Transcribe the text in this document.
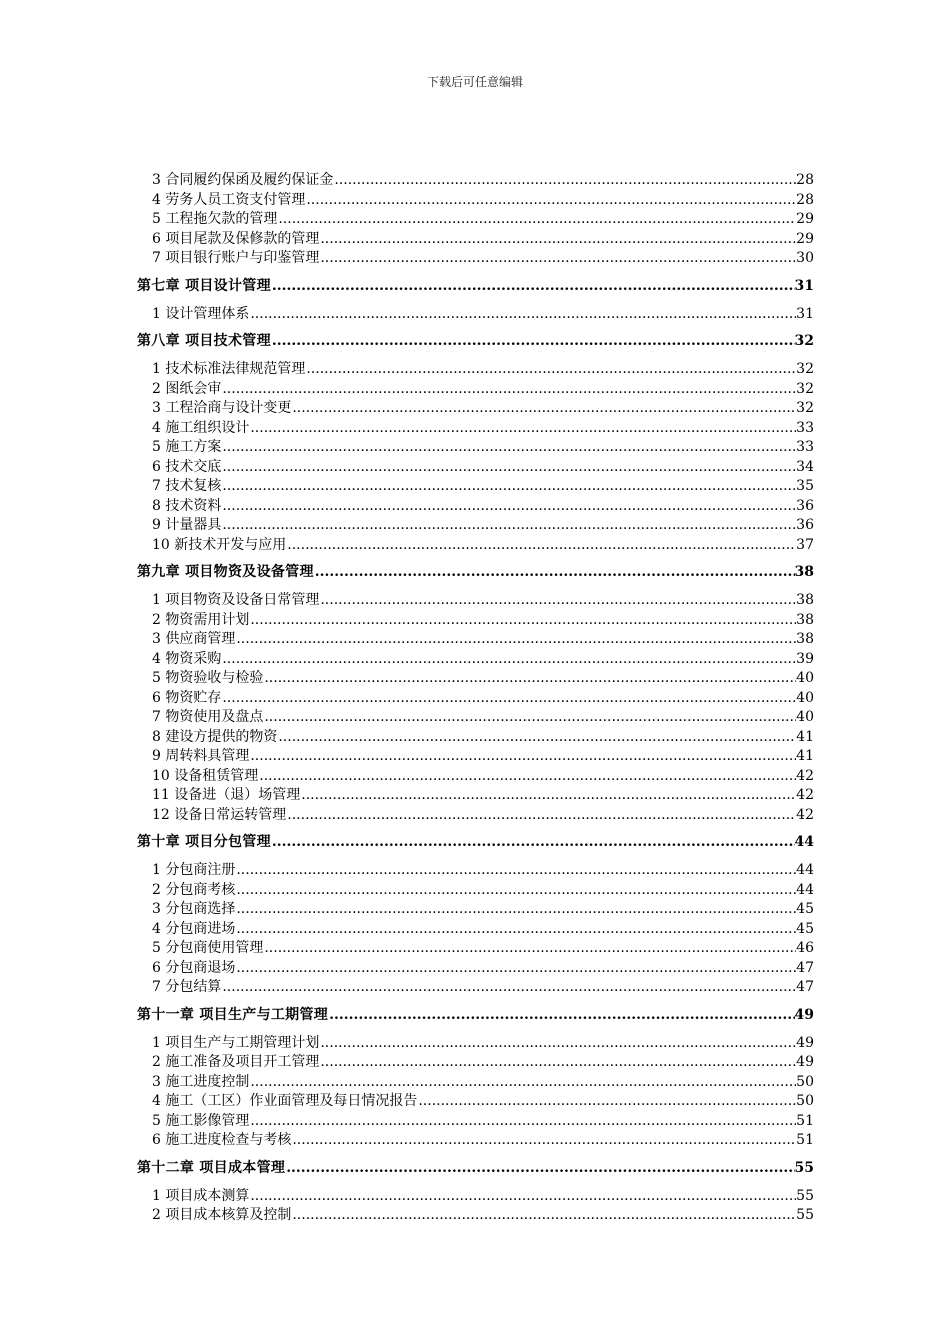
下载后可任意编辑
3 合同履约保函及履约保证金 .....	28
4 劳务人员工资支付管理 .....	28
5 工程拖欠款的管理 .....	29
6 项目尾款及保修款的管理 .....	29
7 项目银行账户与印鉴管理 .....	30
第七章 项目设计管理 .....	31
1 设计管理体系 .....	31
第八章 项目技术管理 .....	32
1 技术标准法律规范管理 .....	32
2 图纸会审 .....	32
3 工程洽商与设计变更 .....	32
4 施工组织设计 .....	33
5 施工方案 .....	33
6 技术交底 .....	34
7 技术复核 .....	35
8 技术资料 .....	36
9 计量器具 .....	36
10 新技术开发与应用 .....	37
第九章 项目物资及设备管理 .....	38
1 项目物资及设备日常管理 .....	38
2 物资需用计划 .....	38
3 供应商管理 .....	38
4 物资采购 .....	39
5 物资验收与检验 .....	40
6 物资贮存 .....	40
7 物资使用及盘点 .....	40
8 建设方提供的物资 .....	41
9 周转料具管理 .....	41
10 设备租赁管理 .....	42
11 设备进（退）场管理 .....	42
12 设备日常运转管理 .....	42
第十章 项目分包管理 .....	44
1 分包商注册 .....	44
2 分包商考核 .....	44
3 分包商选择 .....	45
4 分包商进场 .....	45
5 分包商使用管理 .....	46
6 分包商退场 .....	47
7 分包结算 .....	47
第十一章 项目生产与工期管理 .....	49
1 项目生产与工期管理计划 .....	49
2 施工准备及项目开工管理 .....	49
3 施工进度控制 .....	50
4 施工（工区）作业面管理及每日情况报告 .....	50
5 施工影像管理 .....	51
6 施工进度检查与考核 .....	51
第十二章 项目成本管理 .....	55
1 项目成本测算 .....	55
2 项目成本核算及控制 .....	55
